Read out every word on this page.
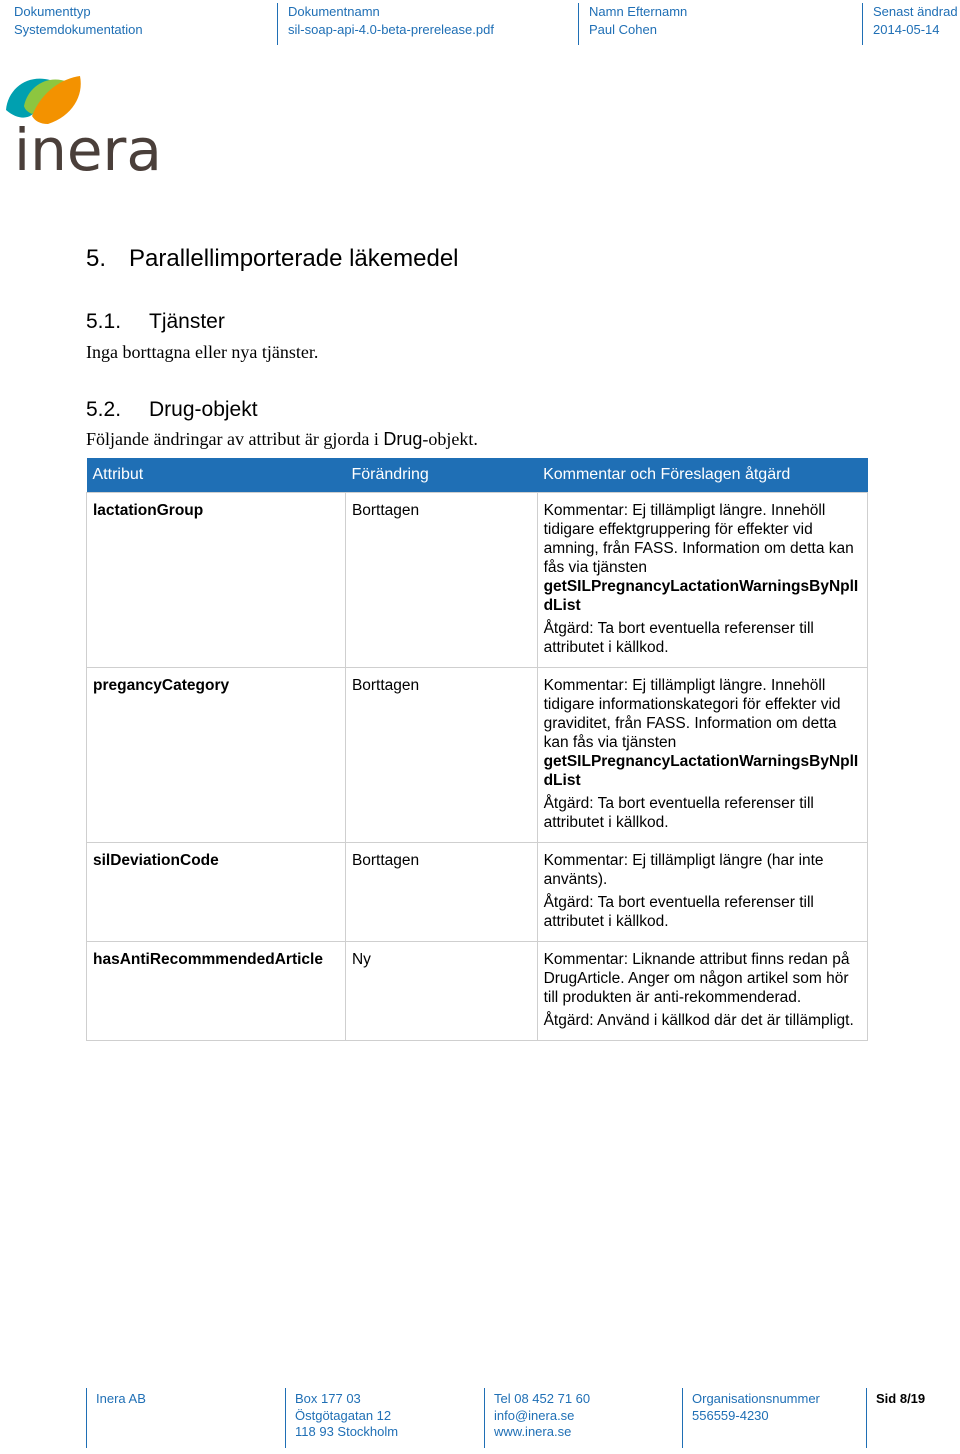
Dokumenttyp
Systemdokumentation
Dokumentnamn
sil-soap-api-4.0-beta-prerelease.pdf
Namn Efternamn
Paul Cohen
Senast ändrad
2014-05-14
inera
5. Parallellimporterade läkemedel
5.1. Tjänster
Inga borttagna eller nya tjänster.
5.2. Drug-objekt
Följande ändringar av attribut är gjorda i Drug-objekt.
Attribut	Förändring	Kommentar och Föreslagen åtgärd
lactationGroup	Borttagen	Kommentar: Ej tillämpligt längre. Innehöll tidigare effektgruppering för effekter vid amning, från FASS. Information om detta kan fås via tjänsten
getSILPregnancyLactationWarningsByNplIdList
Åtgärd: Ta bort eventuella referenser till attributet i källkod.

pregancyCategory	Borttagen	Kommentar: Ej tillämpligt längre. Innehöll tidigare informationskategori för effekter vid graviditet, från FASS. Information om detta kan fås via tjänsten
getSILPregnancyLactationWarningsByNplIdList
Åtgärd: Ta bort eventuella referenser till attributet i källkod.

silDeviationCode	Borttagen	Kommentar: Ej tillämpligt längre (har inte använts).
Åtgärd: Ta bort eventuella referenser till attributet i källkod.

hasAntiRecommmendedArticle	Ny	Kommentar: Liknande attribut finns redan på DrugArticle. Anger om någon artikel som hör till produkten är anti-rekommenderad.
Åtgärd: Använd i källkod där det är tillämpligt.
Inera AB	Box 177 03
Östgötagatan 12
118 93 Stockholm
Tel 08 452 71 60
info@inera.se
www.inera.se
Organisationsnummer
556559-4230
Sid 8/19
